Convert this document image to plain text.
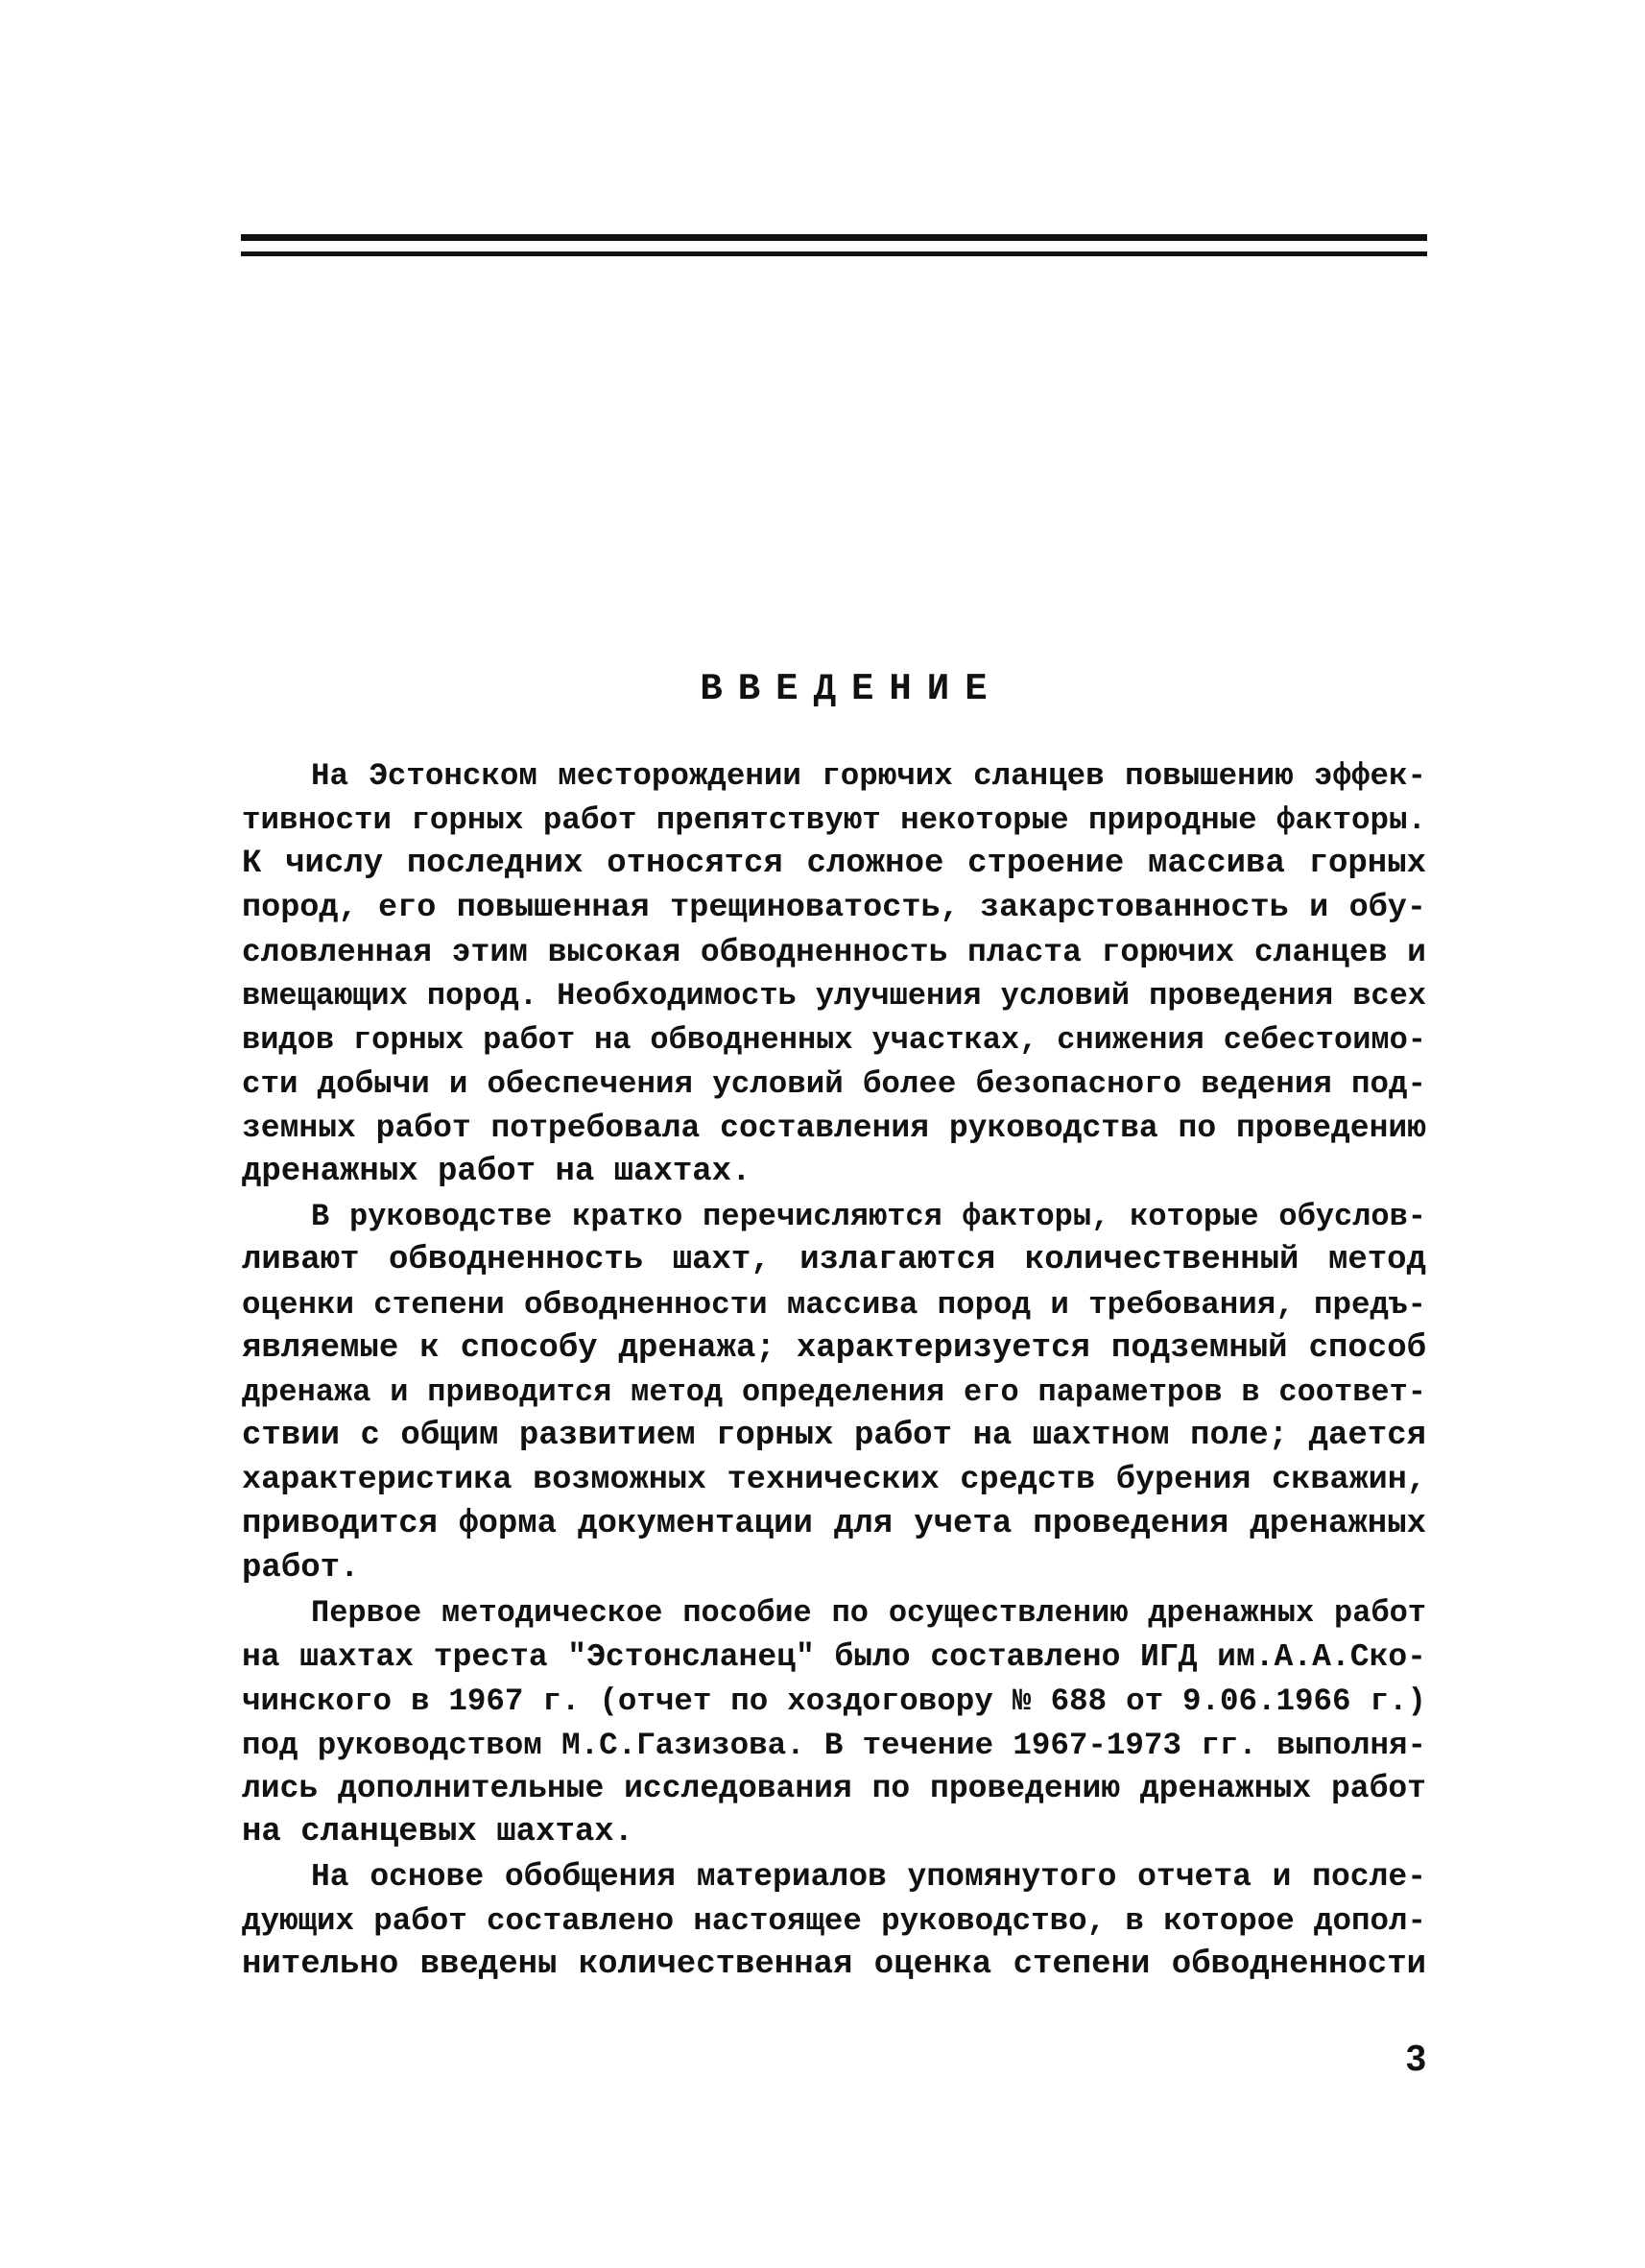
ВВЕДЕНИЕ
На Эстонском месторождении горючих сланцев повышению эффек-
тивности горных работ препятствуют некоторые природные факторы.
К числу последних относятся сложное строение массива горных
пород, его повышенная трещиноватость, закарстованность и обу-
словленная этим высокая обводненность пласта горючих сланцев и
вмещающих пород. Необходимость улучшения условий проведения всех
видов горных работ на обводненных участках, снижения себестоимо-
сти добычи и обеспечения условий более безопасного ведения под-
земных работ потребовала составления руководства по проведению
дренажных работ на шахтах.
В руководстве кратко перечисляются факторы, которые обуслов-
ливают обводненность шахт, излагаются количественный метод
оценки степени обводненности массива пород и требования, предъ-
являемые к способу дренажа; характеризуется подземный способ
дренажа и приводится метод определения его параметров в соответ-
ствии с общим развитием горных работ на шахтном поле; дается
характеристика возможных технических средств бурения скважин,
приводится форма документации для учета проведения дренажных
работ.
Первое методическое пособие по осуществлению дренажных работ
на шахтах треста "Эстонсланец" было составлено ИГД им.А.А.Ско-
чинского в 1967 г. (отчет по хоздоговору № 688 от 9.06.1966 г.)
под руководством М.С.Газизова. В течение 1967-1973 гг. выполня-
лись дополнительные исследования по проведению дренажных работ
на сланцевых шахтах.
На основе обобщения материалов упомянутого отчета и после-
дующих работ составлено настоящее руководство, в которое допол-
нительно введены количественная оценка степени обводненности
3
